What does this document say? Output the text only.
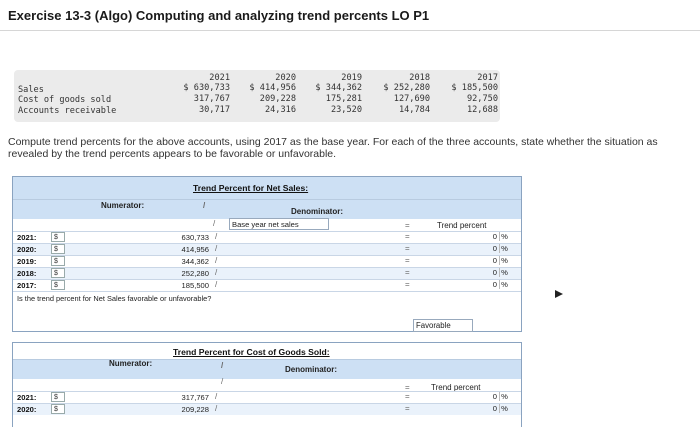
Exercise 13-3 (Algo) Computing and analyzing trend percents LO P1
2021	2020	2019	2018	2017
Sales	$ 630,733	$ 414,956	$ 344,362	$ 252,280	$ 185,500
Cost of goods sold	317,767	209,228	175,281	127,690	92,750
Accounts receivable	30,717	24,316	23,520	14,784	12,688
Compute trend percents for the above accounts, using 2017 as the base year. For each of the three accounts, state whether the situation as revealed by the trend percents appears to be favorable or unfavorable.
Trend Percent for Net Sales:
Numerator:	/
Denominator:
/	Base year net sales	=	Trend percent
2021:	$	630,733 /	=	0 %
2020:	$	414,956 /	=	0 %
2019:	$	344,362 /	=	0 %
2018:	$	252,280 /	=	0 %
2017:	$	185,500 /	=	0 %
Is the trend percent for Net Sales favorable or unfavorable?
Favorable
Trend Percent for Cost of Goods Sold:
Numerator:	/	Denominator:
/
=	Trend percent
2021:	$	317,767 /	=	0 %
2020:	$	209,228 /	=	0 %
